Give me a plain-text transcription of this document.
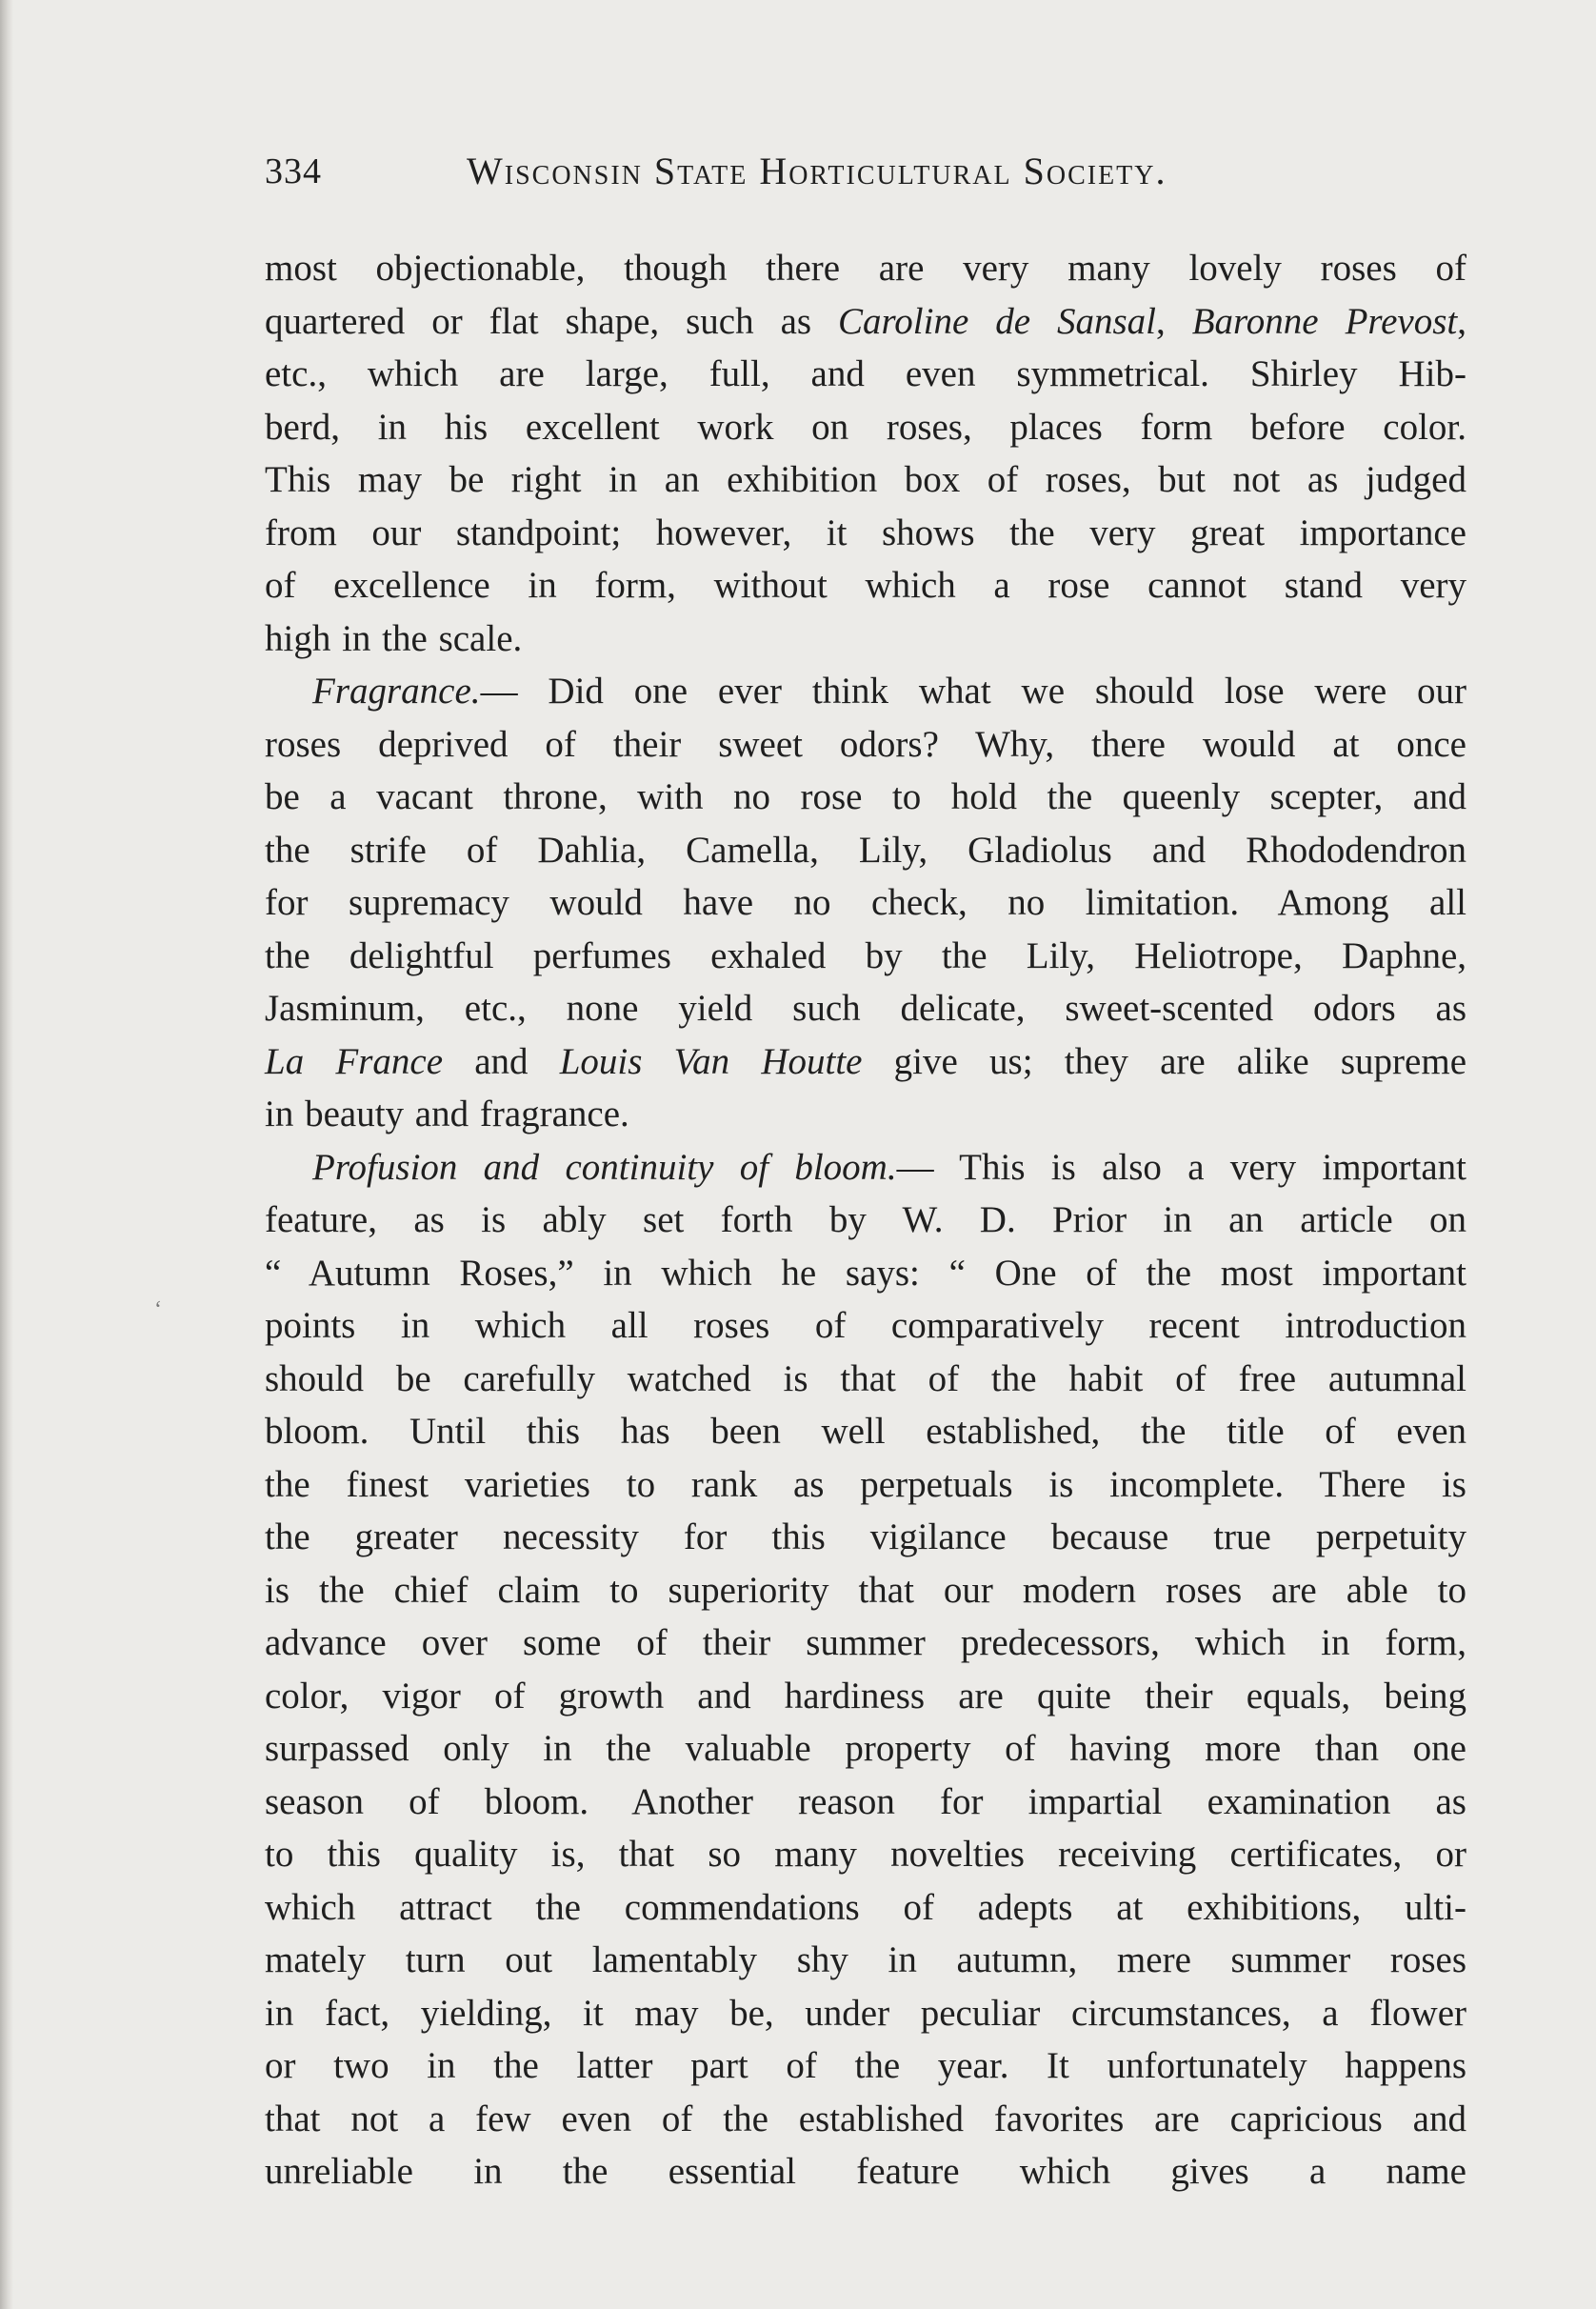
334	Wisconsin State Horticultural Society.
‘
most objectionable, though there are very many lovely roses of
quartered or flat shape, such as Caroline de Sansal, Baronne Prevost,
etc., which are large, full, and even symmetrical. Shirley Hib-
berd, in his excellent work on roses, places form before color.
This may be right in an exhibition box of roses, but not as judged
from our standpoint; however, it shows the very great importance
of excellence in form, without which a rose cannot stand very
high in the scale.
Fragrance.— Did one ever think what we should lose were our
roses deprived of their sweet odors? Why, there would at once
be a vacant throne, with no rose to hold the queenly scepter, and
the strife of Dahlia, Camella, Lily, Gladiolus and Rhododendron
for supremacy would have no check, no limitation. Among all
the delightful perfumes exhaled by the Lily, Heliotrope, Daphne,
Jasminum, etc., none yield such delicate, sweet-scented odors as
La France and Louis Van Houtte give us; they are alike supreme
in beauty and fragrance.
Profusion and continuity of bloom.— This is also a very important
feature, as is ably set forth by W. D. Prior in an article on
“ Autumn Roses,” in which he says: “ One of the most important
points in which all roses of comparatively recent introduction
should be carefully watched is that of the habit of free autumnal
bloom. Until this has been well established, the title of even
the finest varieties to rank as perpetuals is incomplete. There is
the greater necessity for this vigilance because true perpetuity
is the chief claim to superiority that our modern roses are able to
advance over some of their summer predecessors, which in form,
color, vigor of growth and hardiness are quite their equals, being
surpassed only in the valuable property of having more than one
season of bloom. Another reason for impartial examination as
to this quality is, that so many novelties receiving certificates, or
which attract the commendations of adepts at exhibitions, ulti-
mately turn out lamentably shy in autumn, mere summer roses
in fact, yielding, it may be, under peculiar circumstances, a flower
or two in the latter part of the year. It unfortunately happens
that not a few even of the established favorites are capricious and
unreliable in the essential feature which gives a name
